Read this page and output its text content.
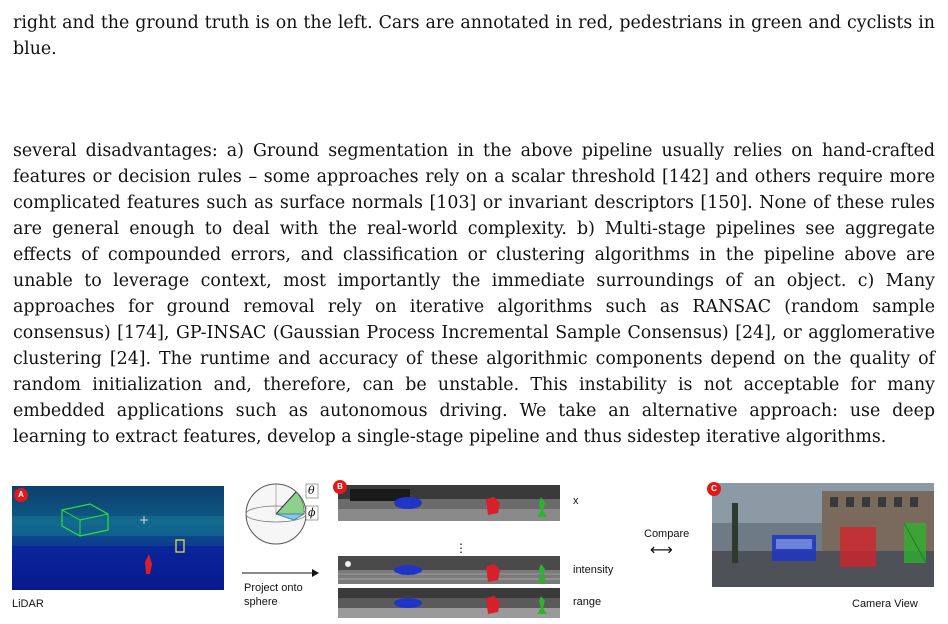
right and the ground truth is on the left. Cars are annotated in red, pedestrians in green and cyclists in blue.

several disadvantages: a) Ground segmentation in the above pipeline usually relies on hand-crafted features or decision rules – some approaches rely on a scalar threshold [142] and others require more complicated features such as surface normals [103] or invariant descriptors [150]. None of these rules are general enough to deal with the real-world complexity. b) Multi-stage pipelines see aggregate effects of compounded errors, and classification or clustering algorithms in the pipeline above are unable to leverage context, most importantly the immediate surroundings of an object. c) Many approaches for ground removal rely on iterative algorithms such as RANSAC (random sample consensus) [174], GP-INSAC (Gaussian Process Incremental Sample Consensus) [24], or agglomerative clustering [24]. The runtime and accuracy of these algorithmic components depend on the quality of random initialization and, therefore, can be unstable. This instability is not acceptable for many embedded applications such as autonomous driving. We take an alternative approach: use deep learning to extract features, develop a single-stage pipeline and thus sidestep iterative algorithms.

A
LiDAR
θ
ϕ
Project onto
sphere
B
x
⋮
intensity
range
Compare
⟷
C
Camera View
